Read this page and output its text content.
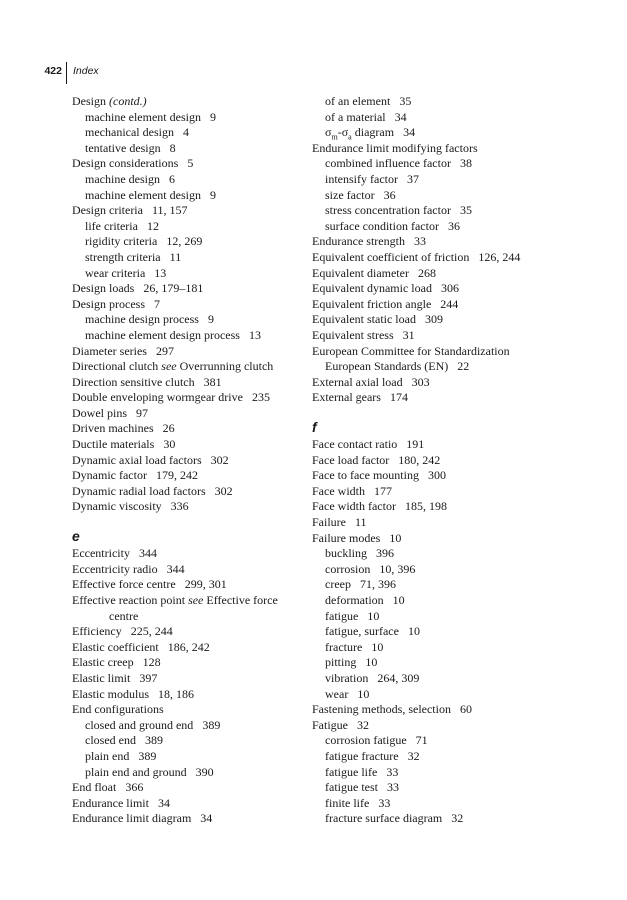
422 Index
Design (contd.)
machine element design 9
mechanical design 4
tentative design 8
Design considerations 5
machine design 6
machine element design 9
Design criteria 11, 157
life criteria 12
rigidity criteria 12, 269
strength criteria 11
wear criteria 13
Design loads 26, 179–181
Design process 7
machine design process 9
machine element design process 13
Diameter series 297
Directional clutch see Overrunning clutch
Direction sensitive clutch 381
Double enveloping wormgear drive 235
Dowel pins 97
Driven machines 26
Ductile materials 30
Dynamic axial load factors 302
Dynamic factor 179, 242
Dynamic radial load factors 302
Dynamic viscosity 336
e
Eccentricity 344
Eccentricity radio 344
Effective force centre 299, 301
Effective reaction point see Effective force
centre
Efficiency 225, 244
Elastic coefficient 186, 242
Elastic creep 128
Elastic limit 397
Elastic modulus 18, 186
End configurations
closed and ground end 389
closed end 389
plain end 389
plain end and ground 390
End float 366
Endurance limit 34
Endurance limit diagram 34
of an element 35
of a material 34
$\sigma_m-\sigma_a$ diagram 34
Endurance limit modifying factors
combined influence factor 38
intensify factor 37
size factor 36
stress concentration factor 35
surface condition factor 36
Endurance strength 33
Equivalent coefficient of friction 126, 244
Equivalent diameter 268
Equivalent dynamic load 306
Equivalent friction angle 244
Equivalent static load 309
Equivalent stress 31
European Committee for Standardization
European Standards (EN) 22
External axial load 303
External gears 174
f
Face contact ratio 191
Face load factor 180, 242
Face to face mounting 300
Face width 177
Face width factor 185, 198
Failure 11
Failure modes 10
buckling 396
corrosion 10, 396
creep 71, 396
deformation 10
fatigue 10
fatigue, surface 10
fracture 10
pitting 10
vibration 264, 309
wear 10
Fastening methods, selection 60
Fatigue 32
corrosion fatigue 71
fatigue fracture 32
fatigue life 33
fatigue test 33
finite life 33
fracture surface diagram 32
